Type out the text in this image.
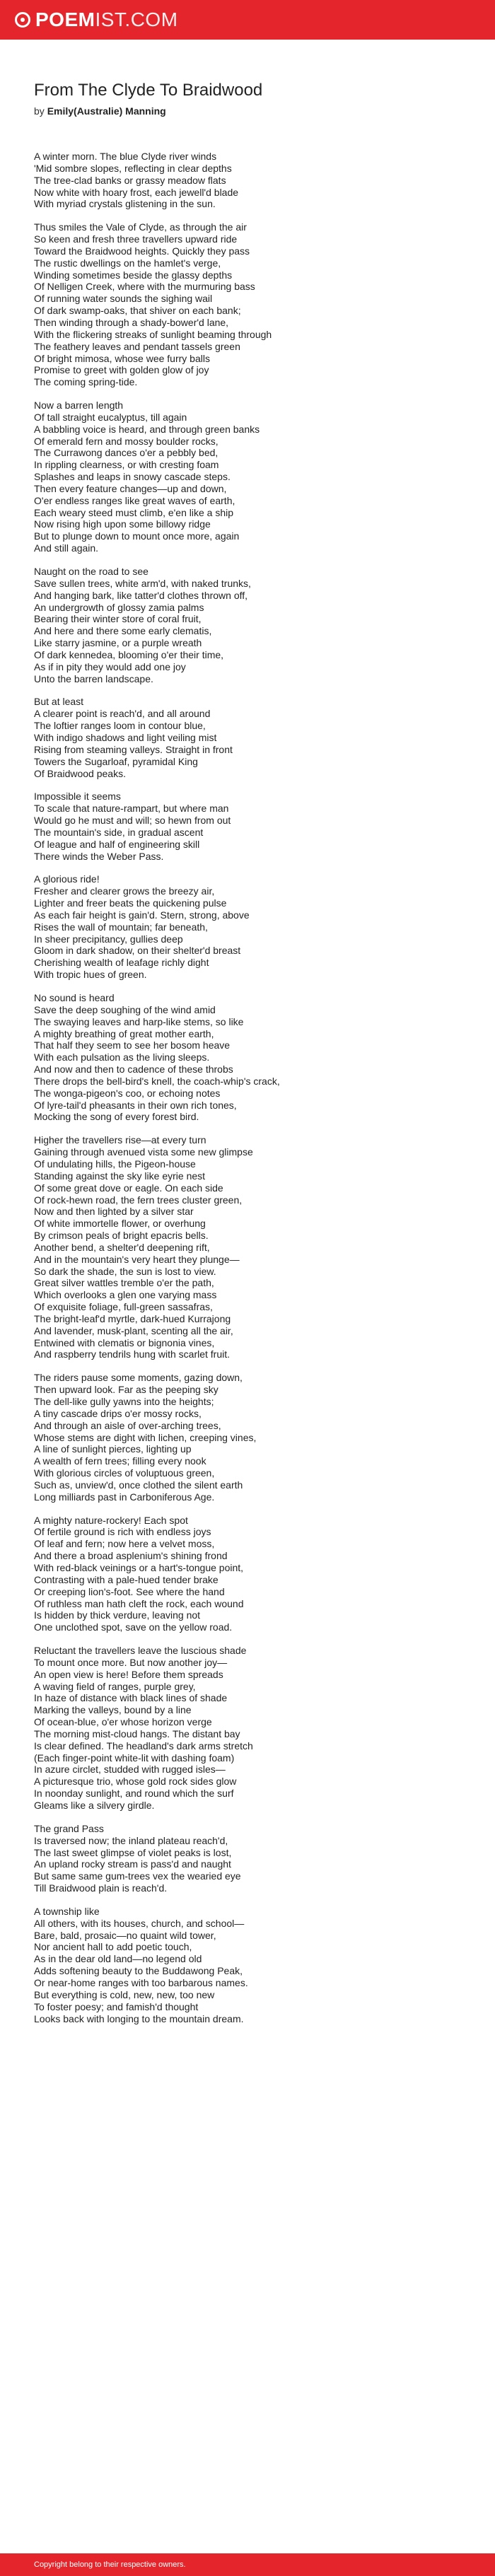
POEMIST.COM
From The Clyde To Braidwood
by Emily(Australie) Manning
A winter morn. The blue Clyde river winds
'Mid sombre slopes, reflecting in clear depths
The tree-clad banks or grassy meadow flats
Now white with hoary frost, each jewell'd blade
With myriad crystals glistening in the sun.
Thus smiles the Vale of Clyde, as through the air
So keen and fresh three travellers upward ride
Toward the Braidwood heights. Quickly they pass
The rustic dwellings on the hamlet's verge,
Winding sometimes beside the glassy depths
Of Nelligen Creek, where with the murmuring bass
Of running water sounds the sighing wail
Of dark swamp-oaks, that shiver on each bank;
Then winding through a shady-bower'd lane,
With the flickering streaks of sunlight beaming through
The feathery leaves and pendant tassels green
Of bright mimosa, whose wee furry balls
Promise to greet with golden glow of joy
The coming spring-tide.
Now a barren length
Of tall straight eucalyptus, till again
A babbling voice is heard, and through green banks
Of emerald fern and mossy boulder rocks,
The Currawong dances o'er a pebbly bed,
In rippling clearness, or with cresting foam
Splashes and leaps in snowy cascade steps.
Then every feature changes—up and down,
O'er endless ranges like great waves of earth,
Each weary steed must climb, e'en like a ship
Now rising high upon some billowy ridge
But to plunge down to mount once more, again
And still again.
Naught on the road to see
Save sullen trees, white arm'd, with naked trunks,
And hanging bark, like tatter'd clothes thrown off,
An undergrowth of glossy zamia palms
Bearing their winter store of coral fruit,
And here and there some early clematis,
Like starry jasmine, or a purple wreath
Of dark kennedea, blooming o'er their time,
As if in pity they would add one joy
Unto the barren landscape.
But at least
A clearer point is reach'd, and all around
The loftier ranges loom in contour blue,
With indigo shadows and light veiling mist
Rising from steaming valleys. Straight in front
Towers the Sugarloaf, pyramidal King
Of Braidwood peaks.
Impossible it seems
To scale that nature-rampart, but where man
Would go he must and will; so hewn from out
The mountain's side, in gradual ascent
Of league and half of engineering skill
There winds the Weber Pass.
A glorious ride!
Fresher and clearer grows the breezy air,
Lighter and freer beats the quickening pulse
As each fair height is gain'd. Stern, strong, above
Rises the wall of mountain; far beneath,
In sheer precipitancy, gullies deep
Gloom in dark shadow, on their shelter'd breast
Cherishing wealth of leafage richly dight
With tropic hues of green.
No sound is heard
Save the deep soughing of the wind amid
The swaying leaves and harp-like stems, so like
A mighty breathing of great mother earth,
That half they seem to see her bosom heave
With each pulsation as the living sleeps.
And now and then to cadence of these throbs
There drops the bell-bird's knell, the coach-whip's crack,
The wonga-pigeon's coo, or echoing notes
Of lyre-tail'd pheasants in their own rich tones,
Mocking the song of every forest bird.
Higher the travellers rise—at every turn
Gaining through avenued vista some new glimpse
Of undulating hills, the Pigeon-house
Standing against the sky like eyrie nest
Of some great dove or eagle. On each side
Of rock-hewn road, the fern trees cluster green,
Now and then lighted by a silver star
Of white immortelle flower, or overhung
By crimson peals of bright epacris bells.
Another bend, a shelter'd deepening rift,
And in the mountain's very heart they plunge—
So dark the shade, the sun is lost to view.
Great silver wattles tremble o'er the path,
Which overlooks a glen one varying mass
Of exquisite foliage, full-green sassafras,
The bright-leaf'd myrtle, dark-hued Kurrajong
And lavender, musk-plant, scenting all the air,
Entwined with clematis or bignonia vines,
And raspberry tendrils hung with scarlet fruit.
The riders pause some moments, gazing down,
Then upward look. Far as the peeping sky
The dell-like gully yawns into the heights;
A tiny cascade drips o'er mossy rocks,
And through an aisle of over-arching trees,
Whose stems are dight with lichen, creeping vines,
A line of sunlight pierces, lighting up
A wealth of fern trees; filling every nook
With glorious circles of voluptuous green,
Such as, unview'd, once clothed the silent earth
Long milliards past in Carboniferous Age.
A mighty nature-rockery! Each spot
Of fertile ground is rich with endless joys
Of leaf and fern; now here a velvet moss,
And there a broad asplenium's shining frond
With red-black veinings or a hart's-tongue point,
Contrasting with a pale-hued tender brake
Or creeping lion's-foot. See where the hand
Of ruthless man hath cleft the rock, each wound
Is hidden by thick verdure, leaving not
One unclothed spot, save on the yellow road.
Reluctant the travellers leave the luscious shade
To mount once more. But now another joy—
An open view is here! Before them spreads
A waving field of ranges, purple grey,
In haze of distance with black lines of shade
Marking the valleys, bound by a line
Of ocean-blue, o'er whose horizon verge
The morning mist-cloud hangs. The distant bay
Is clear defined. The headland's dark arms stretch
(Each finger-point white-lit with dashing foam)
In azure circlet, studded with rugged isles—
A picturesque trio, whose gold rock sides glow
In noonday sunlight, and round which the surf
Gleams like a silvery girdle.
The grand Pass
Is traversed now; the inland plateau reach'd,
The last sweet glimpse of violet peaks is lost,
An upland rocky stream is pass'd and naught
But same same gum-trees vex the wearied eye
Till Braidwood plain is reach'd.
A township like
All others, with its houses, church, and school—
Bare, bald, prosaic—no quaint wild tower,
Nor ancient hall to add poetic touch,
As in the dear old land—no legend old
Adds softening beauty to the Buddawong Peak,
Or near-home ranges with too barbarous names.
But everything is cold, new, new, too new
To foster poesy; and famish'd thought
Looks back with longing to the mountain dream.
Copyright belong to their respective owners.
